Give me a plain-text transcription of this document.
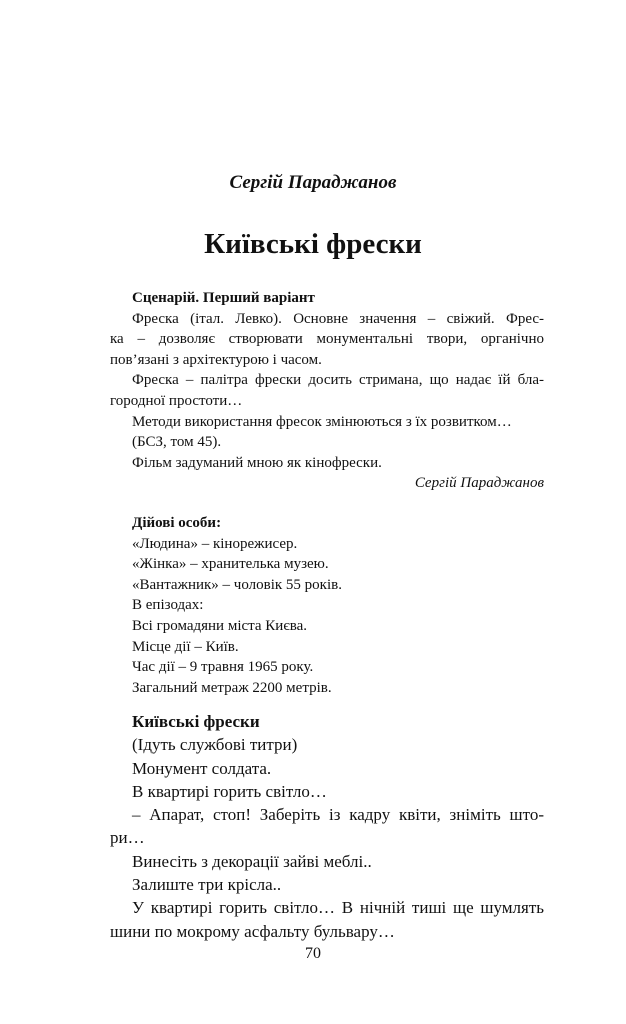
Сергій Параджанов
Київські фрески
Сценарій. Перший варіант
Фреска (італ. Левко). Основне значення – свіжий. Фрес-
ка – дозволяє створювати монументальні твори, органічно
пов’язані з архітектурою і часом.
Фреска – палітра фрески досить стримана, що надає їй бла-
городної простоти…
Методи використання фресок змінюються з їх розвитком…
(БСЗ, том 45).
Фільм задуманий мною як кінофрески.
Сергій Параджанов
Дійові особи:
«Людина» – кінорежисер.
«Жінка» – хранителька музею.
«Вантажник» – чоловік 55 років.
В епізодах:
Всі громадяни міста Києва.
Місце дії – Київ.
Час дії – 9 травня 1965 року.
Загальний метраж 2200 метрів.
Київські фрески
(Ідуть службові титри)
Монумент солдата.
В квартирі горить світло…
– Апарат, стоп! Заберіть із кадру квіти, зніміть што-
ри…
Винесіть з декорації зайві меблі..
Залиште три крісла..
У квартирі горить світло… В нічній тиші ще шумлять
шини по мокрому асфальту бульвару…
70
